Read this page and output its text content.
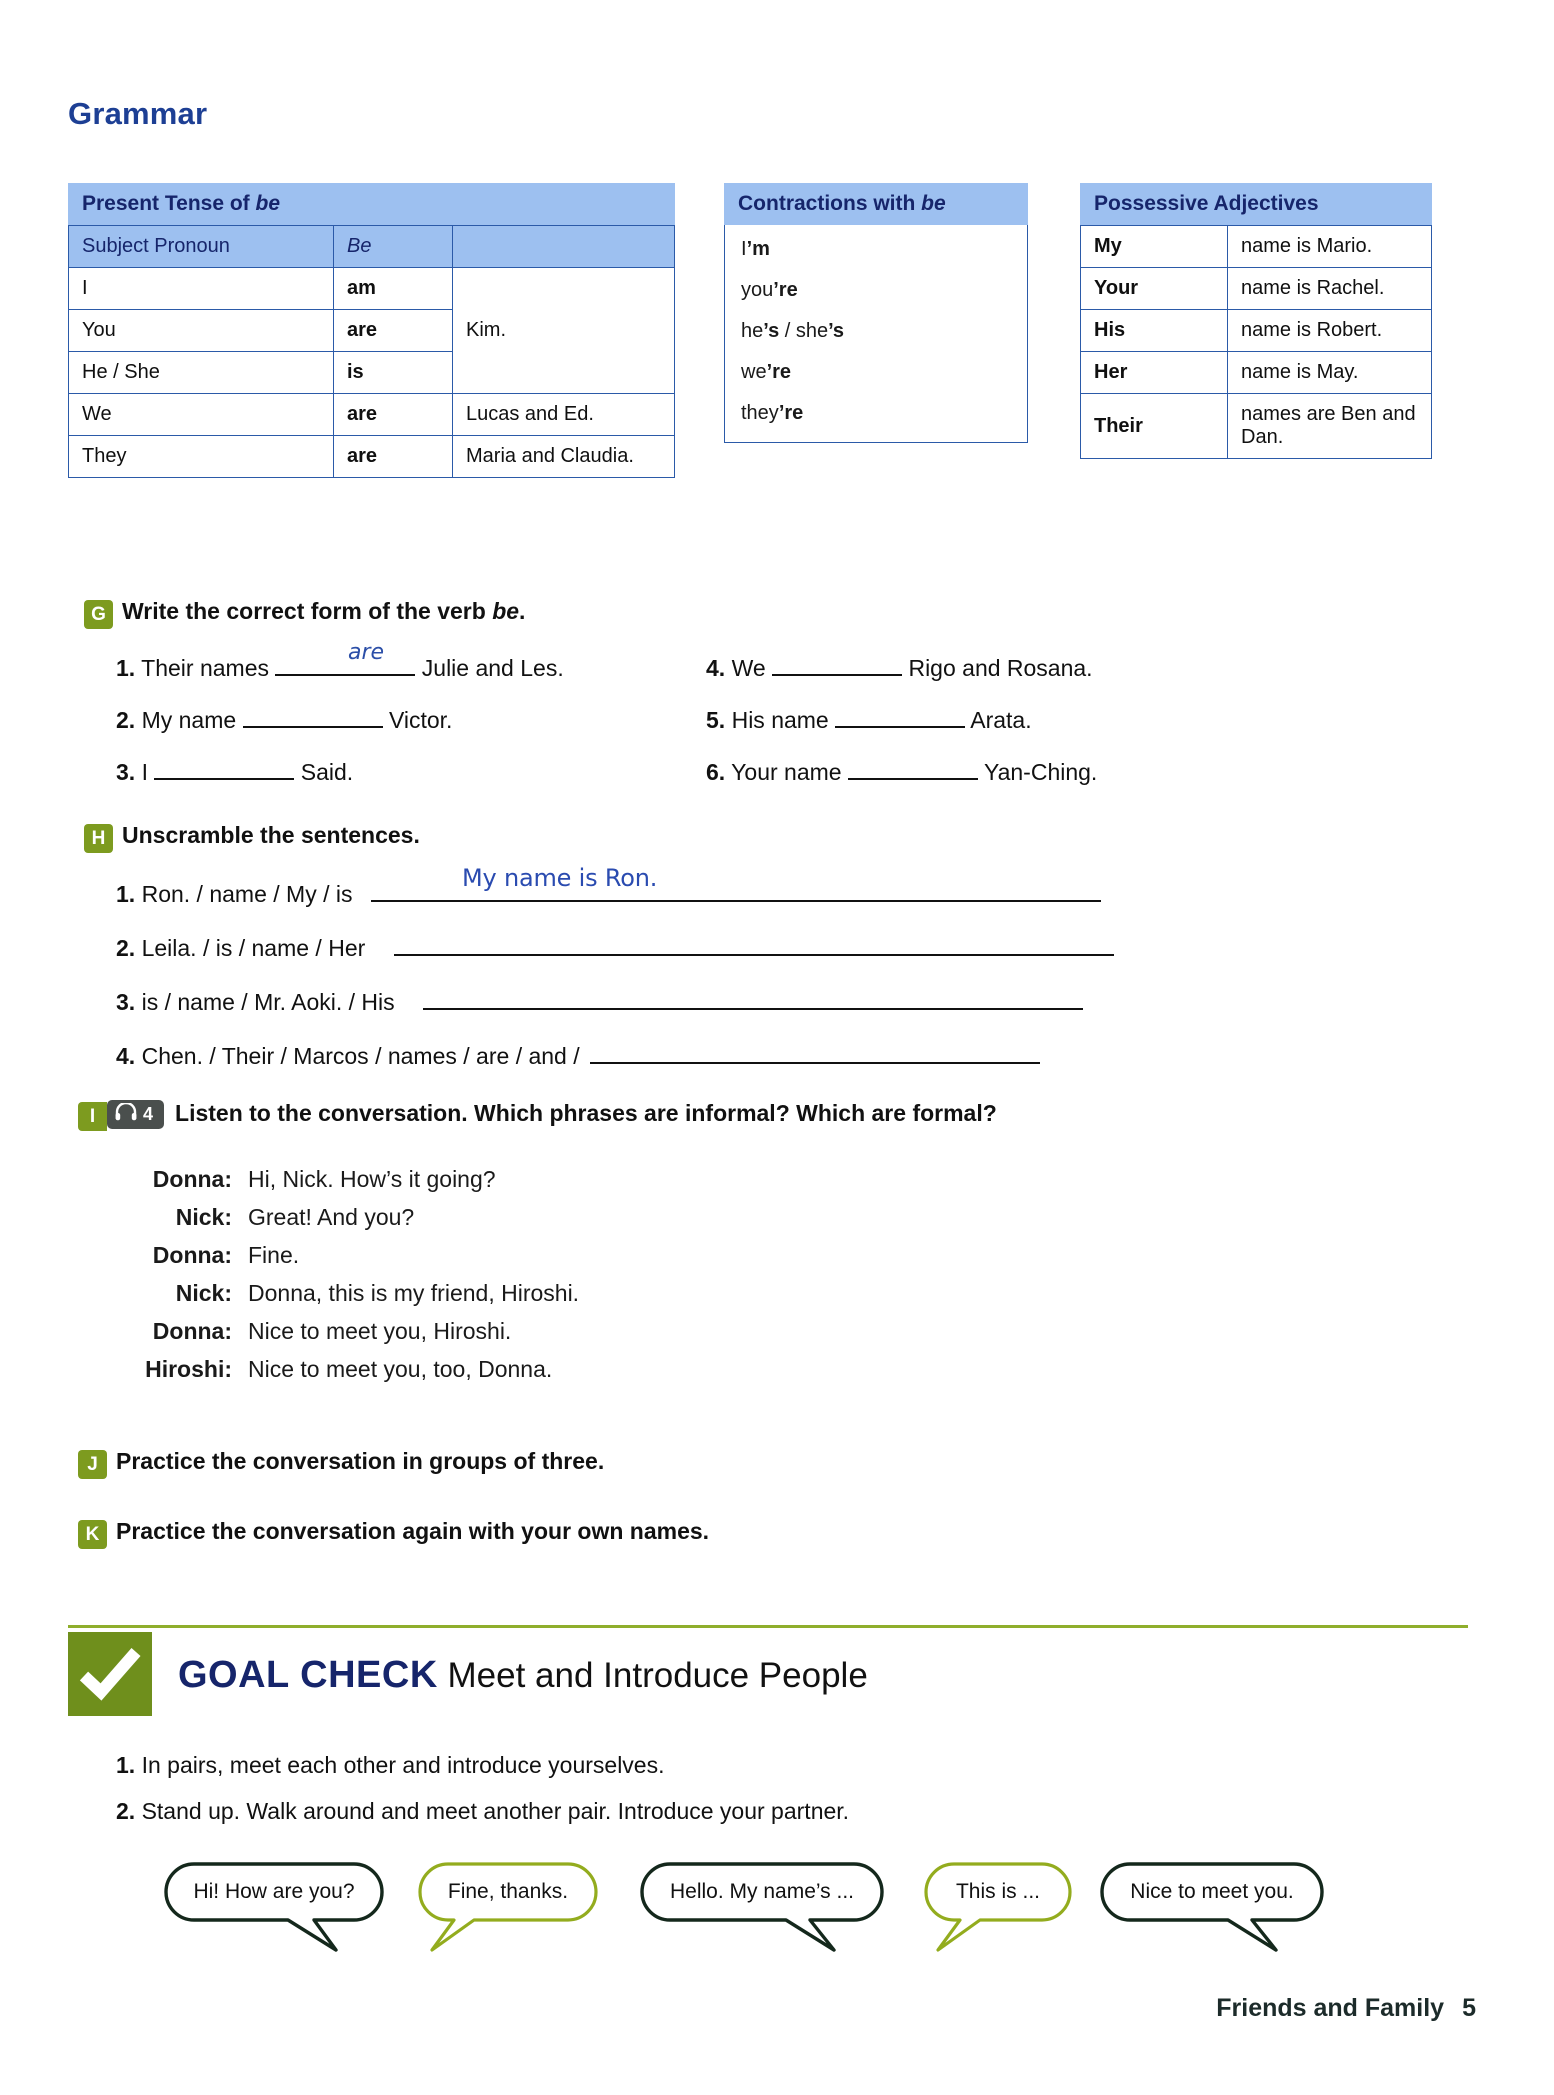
Grammar
Present Tense of be
Subject Pronoun	Be	
I	am	Kim.
You	are	
He / She	is	
We	are	Lucas and Ed.
They	are	Maria and Claudia.
Contractions with be
I’m
you’re
he’s / she’s
we’re
they’re
Possessive Adjectives
My	name is Mario.
Your	name is Rachel.
His	name is Robert.
Her	name is May.
Their	names are Ben and Dan.
G Write the correct form of the verb be.
1. Their names	Julie and Les.
are
2. My name	Victor.
3. I	Said.
4. We	Rigo and Rosana.
5. His name	Arata.
6. Your name	Yan-Ching.
H Unscramble the sentences.
1. Ron. / name / My / is
My name is Ron.
2. Leila. / is / name / Her
3. is / name / Mr. Aoki. / His
4. Chen. / Their / Marcos / names / are / and /
I	4 Listen to the conversation. Which phrases are informal? Which are formal?
Donna: Hi, Nick. How’s it going?
Nick: Great! And you?
Donna: Fine.
Nick: Donna, this is my friend, Hiroshi.
Donna: Nice to meet you, Hiroshi.
Hiroshi: Nice to meet you, too, Donna.
J Practice the conversation in groups of three.
K Practice the conversation again with your own names.
GOAL CHECK Meet and Introduce People
1. In pairs, meet each other and introduce yourselves.
2. Stand up. Walk around and meet another pair. Introduce your partner.
Hi! How are you?	Fine, thanks.	Hello. My name’s ...	This is ...	Nice to meet you.
Friends and Family 5
